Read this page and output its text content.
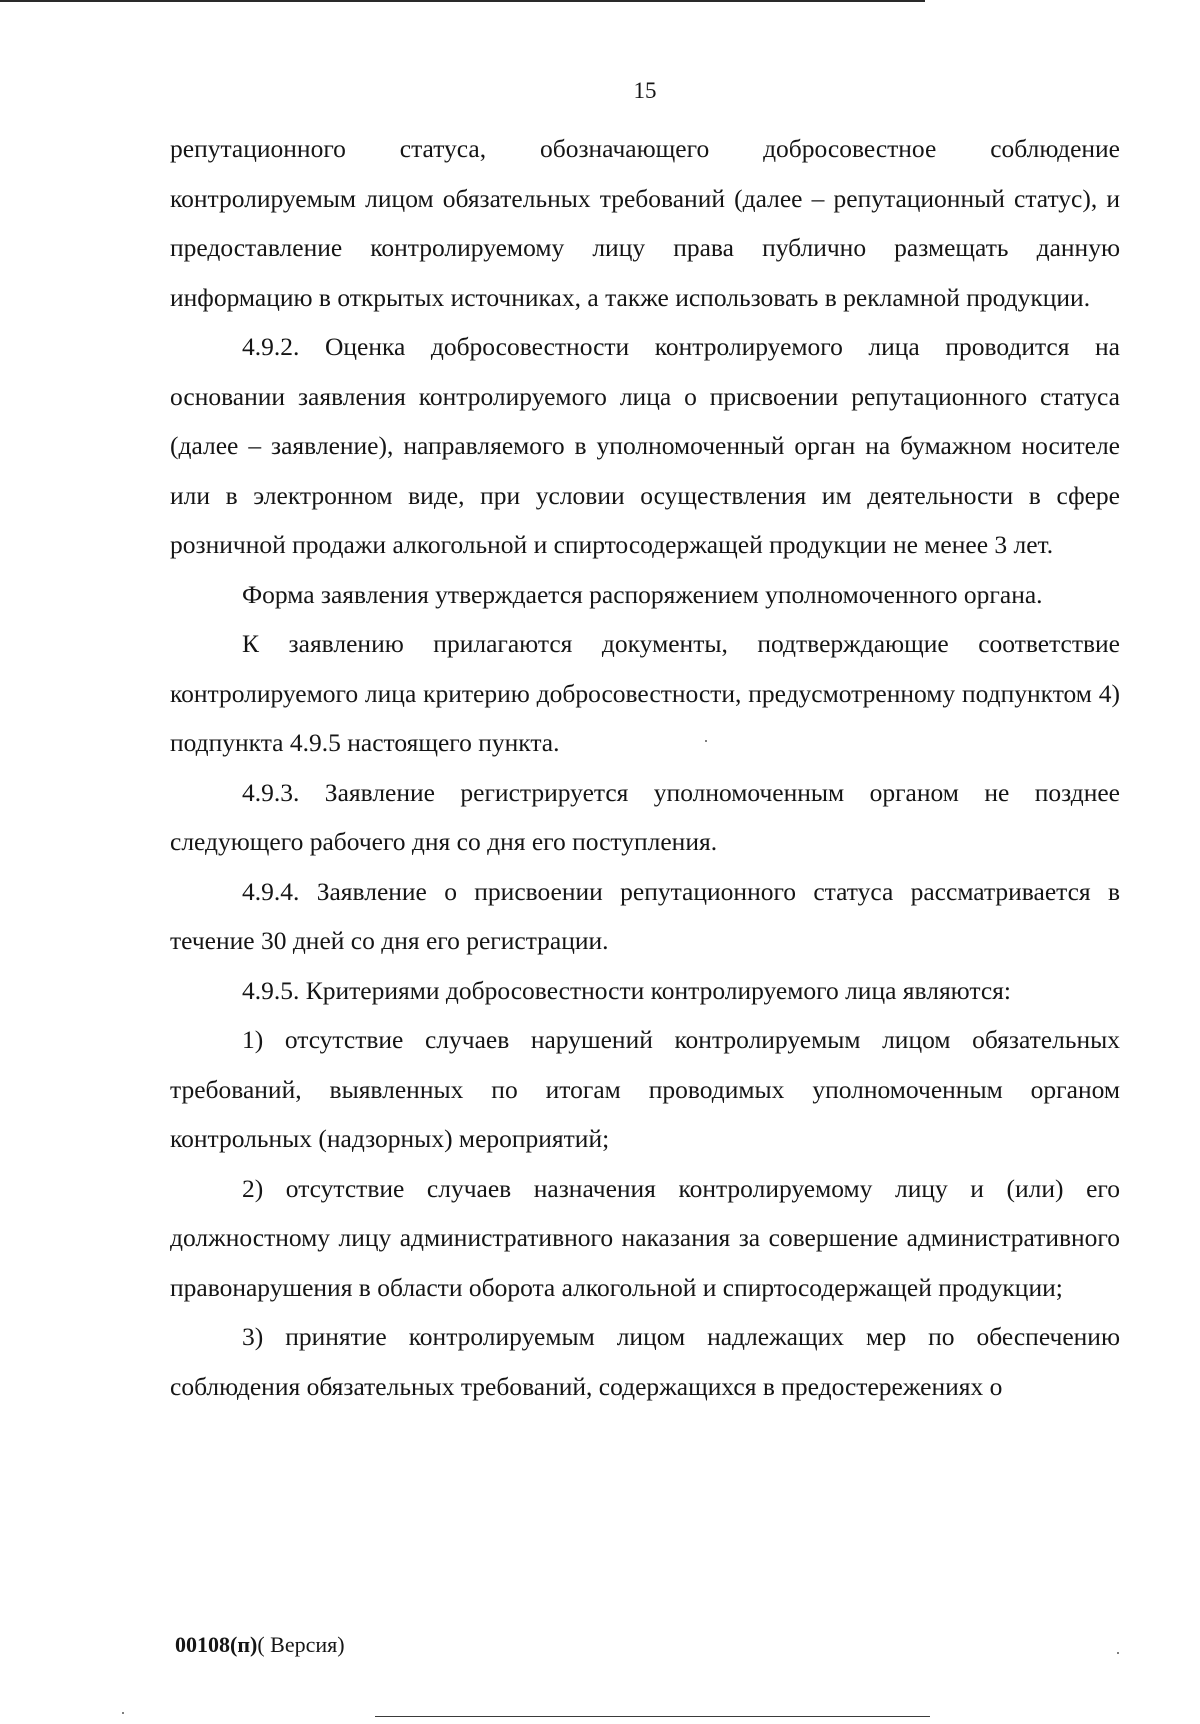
15

репутационного статуса, обозначающего добросовестное соблюдение контролируемым лицом обязательных требований (далее – репутационный статус), и предоставление контролируемому лицу права публично размещать данную информацию в открытых источниках, а также использовать в рекламной продукции.

4.9.2. Оценка добросовестности контролируемого лица проводится на основании заявления контролируемого лица о присвоении репутационного статуса (далее – заявление), направляемого в уполномоченный орган на бумажном носителе или в электронном виде, при условии осуществления им деятельности в сфере розничной продажи алкогольной и спиртосодержащей продукции не менее 3 лет.

Форма заявления утверждается распоряжением уполномоченного органа.

К заявлению прилагаются документы, подтверждающие соответствие контролируемого лица критерию добросовестности, предусмотренному подпунктом 4) подпункта 4.9.5 настоящего пункта.

4.9.3. Заявление регистрируется уполномоченным органом не позднее следующего рабочего дня со дня его поступления.

4.9.4. Заявление о присвоении репутационного статуса рассматривается в течение 30 дней со дня его регистрации.

4.9.5. Критериями добросовестности контролируемого лица являются:

1) отсутствие случаев нарушений контролируемым лицом обязательных требований, выявленных по итогам проводимых уполномоченным органом контрольных (надзорных) мероприятий;

2) отсутствие случаев назначения контролируемому лицу и (или) его должностному лицу административного наказания за совершение административного правонарушения в области оборота алкогольной и спиртосодержащей продукции;

3) принятие контролируемым лицом надлежащих мер по обеспечению соблюдения обязательных требований, содержащихся в предостережениях о

00108(п)( Версия)
